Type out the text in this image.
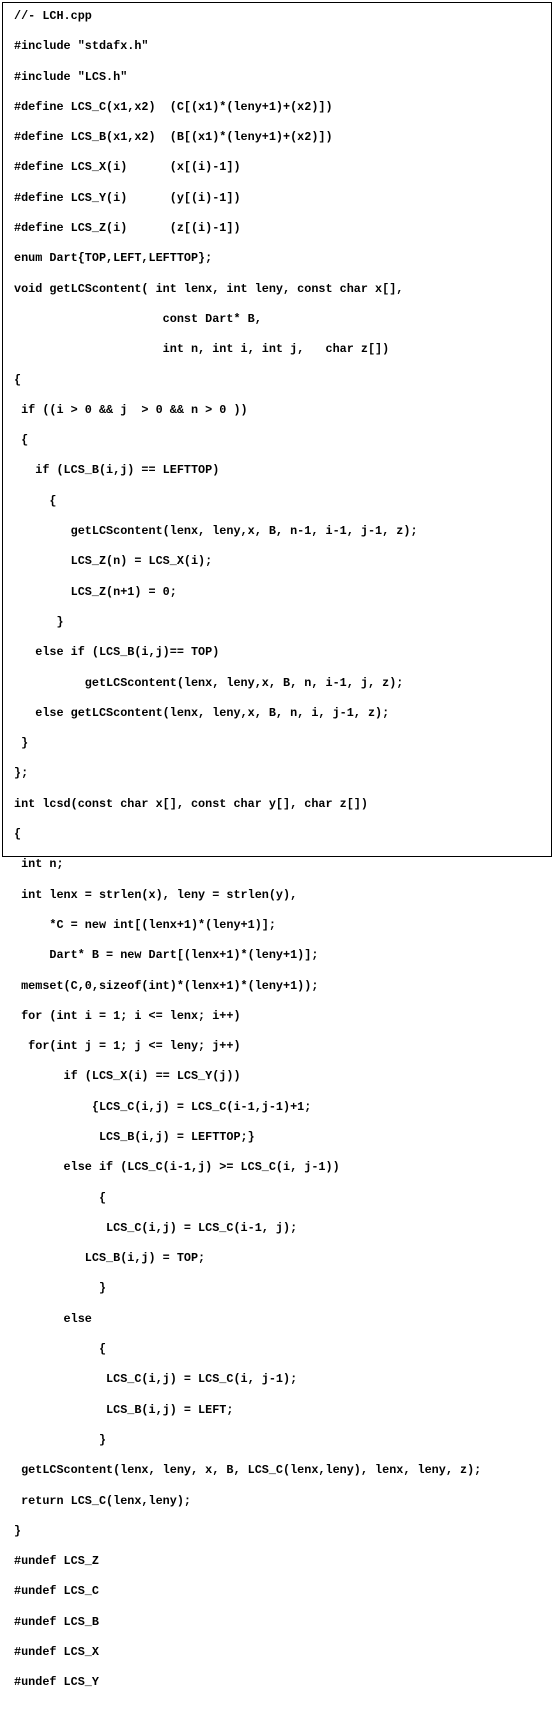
//- LCH.cpp

#include "stdafx.h"

#include "LCS.h"

#define LCS_C(x1,x2)  (C[(x1)*(leny+1)+(x2)])

#define LCS_B(x1,x2)  (B[(x1)*(leny+1)+(x2)])

#define LCS_X(i)      (x[(i)-1])

#define LCS_Y(i)      (y[(i)-1])

#define LCS_Z(i)      (z[(i)-1])

enum Dart{TOP,LEFT,LEFTTOP};

void getLCScontent( int lenx, int leny, const char x[],

const Dart* B,

int n, int i, int j,   char z[])

{

if ((i > 0 && j  > 0 && n > 0 ))

{

if (LCS_B(i,j) == LEFTTOP)

{

getLCScontent(lenx, leny,x, B, n-1, i-1, j-1, z);

LCS_Z(n) = LCS_X(i);

LCS_Z(n+1) = 0;

}

else if (LCS_B(i,j)== TOP)

getLCScontent(lenx, leny,x, B, n, i-1, j, z);

else getLCScontent(lenx, leny,x, B, n, i, j-1, z);

}

};

int lcsd(const char x[], const char y[], char z[])

{

int n;

int lenx = strlen(x), leny = strlen(y),

*C = new int[(lenx+1)*(leny+1)];

Dart* B = new Dart[(lenx+1)*(leny+1)];

memset(C,0,sizeof(int)*(lenx+1)*(leny+1));

for (int i = 1; i <= lenx; i++)

for(int j = 1; j <= leny; j++)

if (LCS_X(i) == LCS_Y(j))

{LCS_C(i,j) = LCS_C(i-1,j-1)+1;

LCS_B(i,j) = LEFTTOP;}

else if (LCS_C(i-1,j) >= LCS_C(i, j-1))

{

LCS_C(i,j) = LCS_C(i-1, j);

LCS_B(i,j) = TOP;

}

else

{

LCS_C(i,j) = LCS_C(i, j-1);

LCS_B(i,j) = LEFT;

}

getLCScontent(lenx, leny, x, B, LCS_C(lenx,leny), lenx, leny, z);

return LCS_C(lenx,leny);

}

#undef LCS_Z

#undef LCS_C

#undef LCS_B

#undef LCS_X

#undef LCS_Y
